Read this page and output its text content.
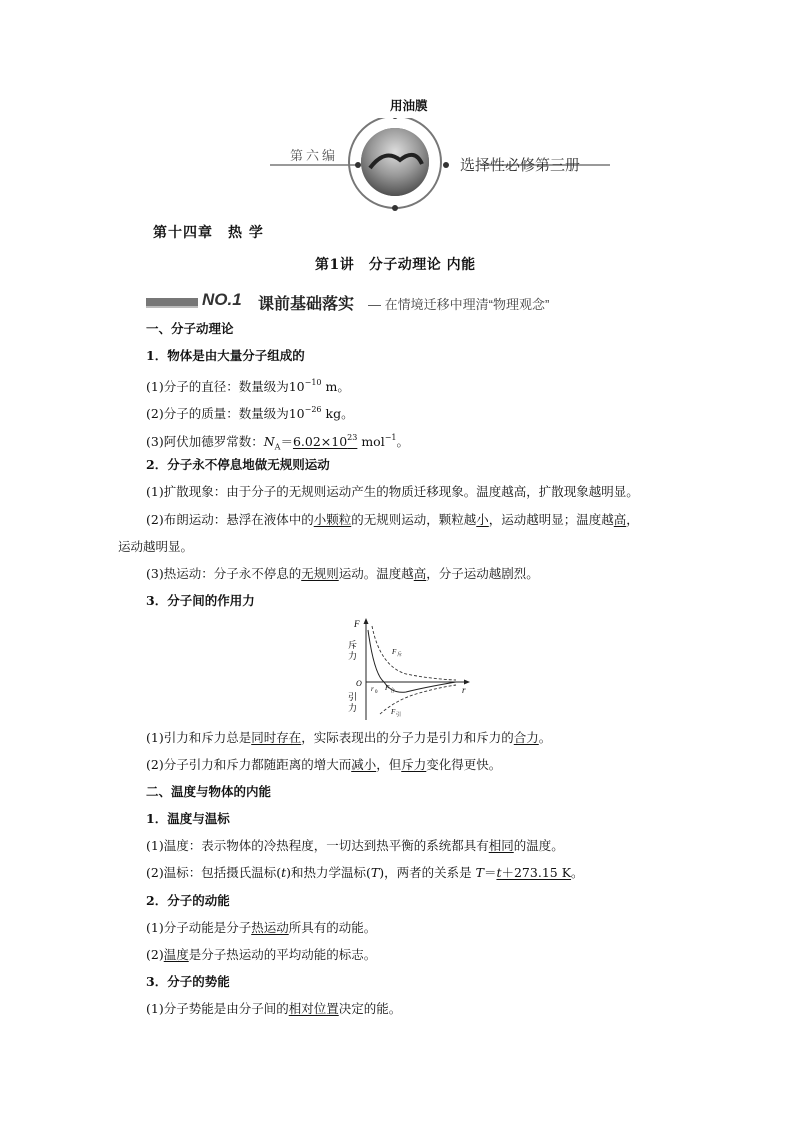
用油膜
第六编
选择性必修第三册
第十四章　热 学
第1讲　分子动理论 内能
NO.1 课前基础落实 — 在情境迁移中理清“物理观念”
一、分子动理论
1．物体是由大量分子组成的
(1)分子的直径：数量级为$10^{-10}$ m。
(2)分子的质量：数量级为$10^{-26}$ kg。
(3)阿伏加德罗常数：$N_A=6.02\times 10^{23}$ mol$^{-1}$。
2．分子永不停息地做无规则运动
(1)扩散现象：由于分子的无规则运动产生的物质迁移现象。温度越高，扩散现象越明显。
(2)布朗运动：悬浮在液体中的小颗粒的无规则运动，颗粒越小，运动越明显；温度越高，
运动越明显。
(3)热运动：分子永不停息的无规则运动。温度越高，分子运动越剧烈。
3．分子间的作用力
F
斥力
O
引力
r
r 0
F 斥
F 合
F 引
(1)引力和斥力总是同时存在，实际表现出的分子力是引力和斥力的合力。
(2)分子引力和斥力都随距离的增大而减小，但斥力变化得更快。
二、温度与物体的内能
1．温度与温标
(1)温度：表示物体的冷热程度，一切达到热平衡的系统都具有相同的温度。
(2)温标：包括摄氏温标(t)和热力学温标(T)，两者的关系是 T＝t＋273.15 K。
2．分子的动能
(1)分子动能是分子热运动所具有的动能。
(2)温度是分子热运动的平均动能的标志。
3．分子的势能
(1)分子势能是由分子间的相对位置决定的能。
